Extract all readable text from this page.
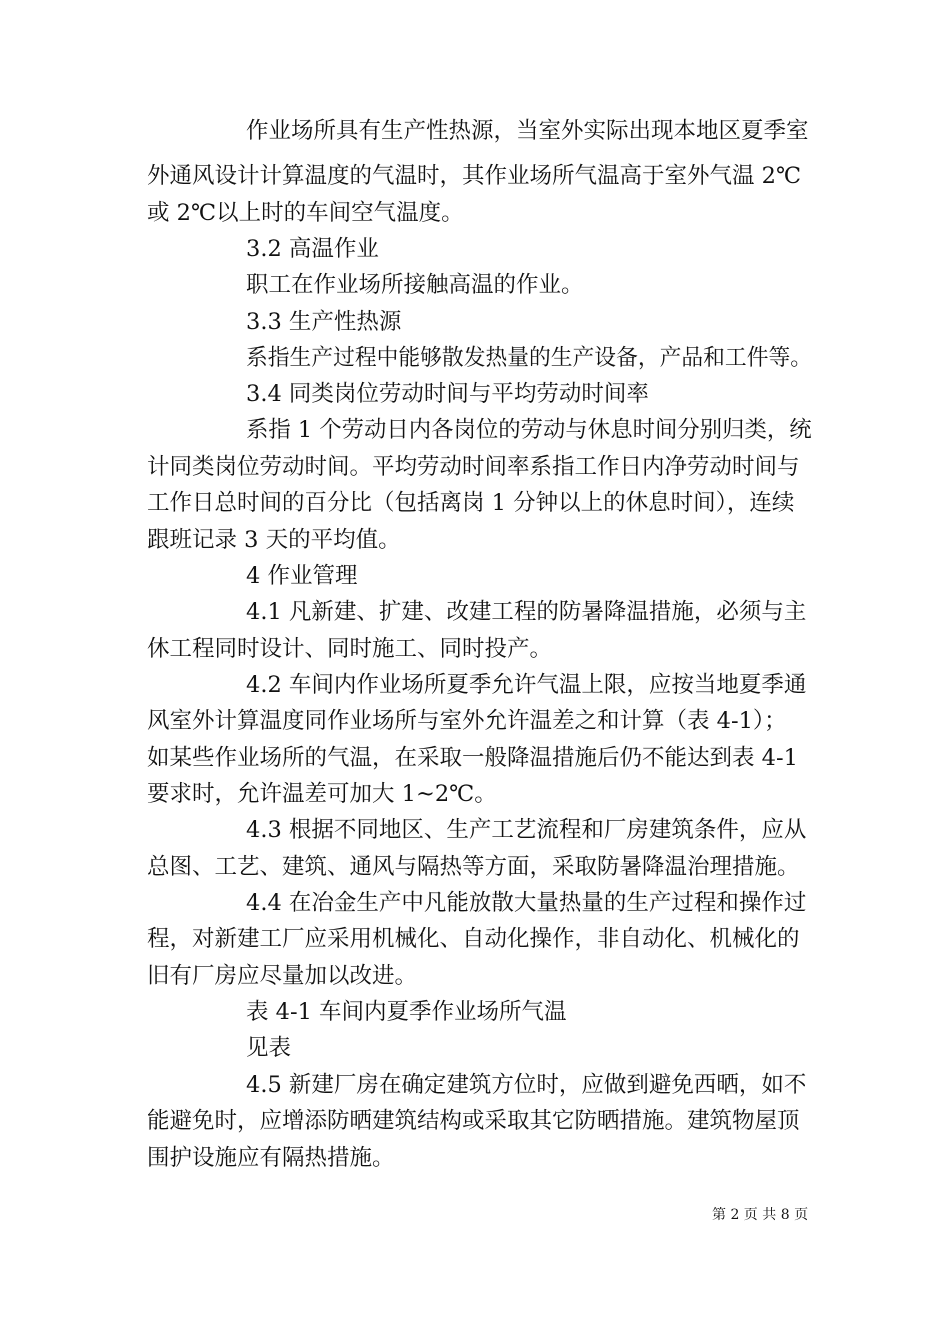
作业场所具有生产性热源，当室外实际出现本地区夏季室
外通风设计计算温度的气温时，其作业场所气温高于室外气温 2℃
或 2℃以上时的车间空气温度。
3.2 高温作业
职工在作业场所接触高温的作业。
3.3 生产性热源
系指生产过程中能够散发热量的生产设备，产品和工件等。
3.4 同类岗位劳动时间与平均劳动时间率
系指 1 个劳动日内各岗位的劳动与休息时间分别归类，统
计同类岗位劳动时间。平均劳动时间率系指工作日内净劳动时间与
工作日总时间的百分比（包括离岗 1 分钟以上的休息时间），连续
跟班记录 3 天的平均值。
4 作业管理
4.1 凡新建、扩建、改建工程的防暑降温措施，必须与主
休工程同时设计、同时施工、同时投产。
4.2 车间内作业场所夏季允许气温上限，应按当地夏季通
风室外计算温度同作业场所与室外允许温差之和计算（表 4-1）；
如某些作业场所的气温，在采取一般降温措施后仍不能达到表 4-1
要求时，允许温差可加大 1~2℃。
4.3 根据不同地区、生产工艺流程和厂房建筑条件，应从
总图、工艺、建筑、通风与隔热等方面，采取防暑降温治理措施。
4.4 在冶金生产中凡能放散大量热量的生产过程和操作过
程，对新建工厂应采用机械化、自动化操作，非自动化、机械化的
旧有厂房应尽量加以改进。
表 4-1 车间内夏季作业场所气温
见表
4.5 新建厂房在确定建筑方位时，应做到避免西晒，如不
能避免时，应增添防晒建筑结构或采取其它防晒措施。建筑物屋顶
围护设施应有隔热措施。
第 2 页 共 8 页
